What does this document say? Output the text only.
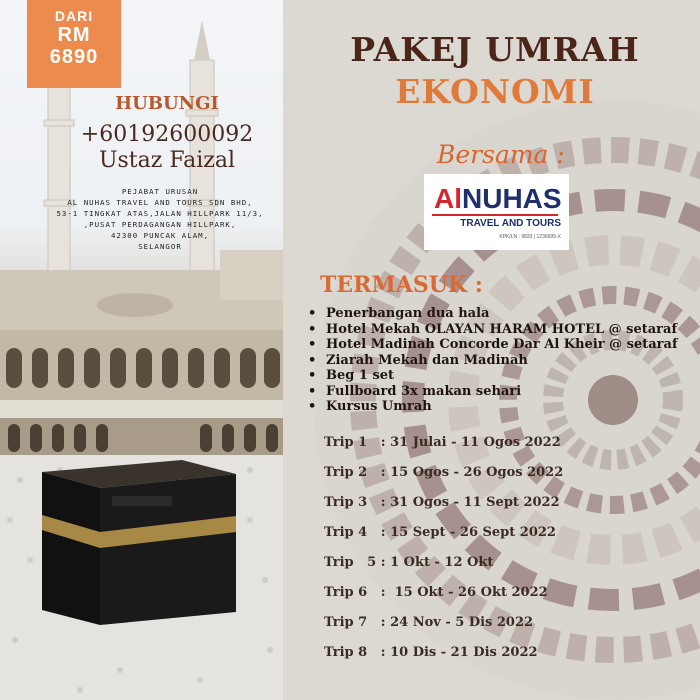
DARI
RM
6890
HUBUNGI
+60192600092
Ustaz Faizal
PEJABAT URUSAN
AL NUHAS TRAVEL AND TOURS SDN BHD,
53-1 TINGKAT ATAS,JALAN HILLPARK 11/3,
,PUSAT PERDAGANGAN HILLPARK,
42300 PUNCAK ALAM,
SELANGOR
PAKEJ UMRAH
EKONOMI
Bersama :
AlNUHAS
TRAVEL AND TOURS
KPK/LN : 9833 | 1236695-X
TERMASUK :
• Penerbangan dua hala
• Hotel Mekah OLAYAN HARAM HOTEL @ setaraf
• Hotel Madinah Concorde Dar Al Kheir @ setaraf
• Ziarah Mekah dan Madinah
• Beg 1 set
• Fullboard 3x makan sehari
• Kursus Umrah
Trip 1   : 31 Julai - 11 Ogos 2022
Trip 2   : 15 Ogos - 26 Ogos 2022
Trip 3   : 31 Ogos - 11 Sept 2022
Trip 4   : 15 Sept - 26 Sept 2022
Trip   5 : 1 Okt - 12 Okt
Trip 6   :  15 Okt - 26 Okt 2022
Trip 7   : 24 Nov - 5 Dis 2022
Trip 8   : 10 Dis - 21 Dis 2022
